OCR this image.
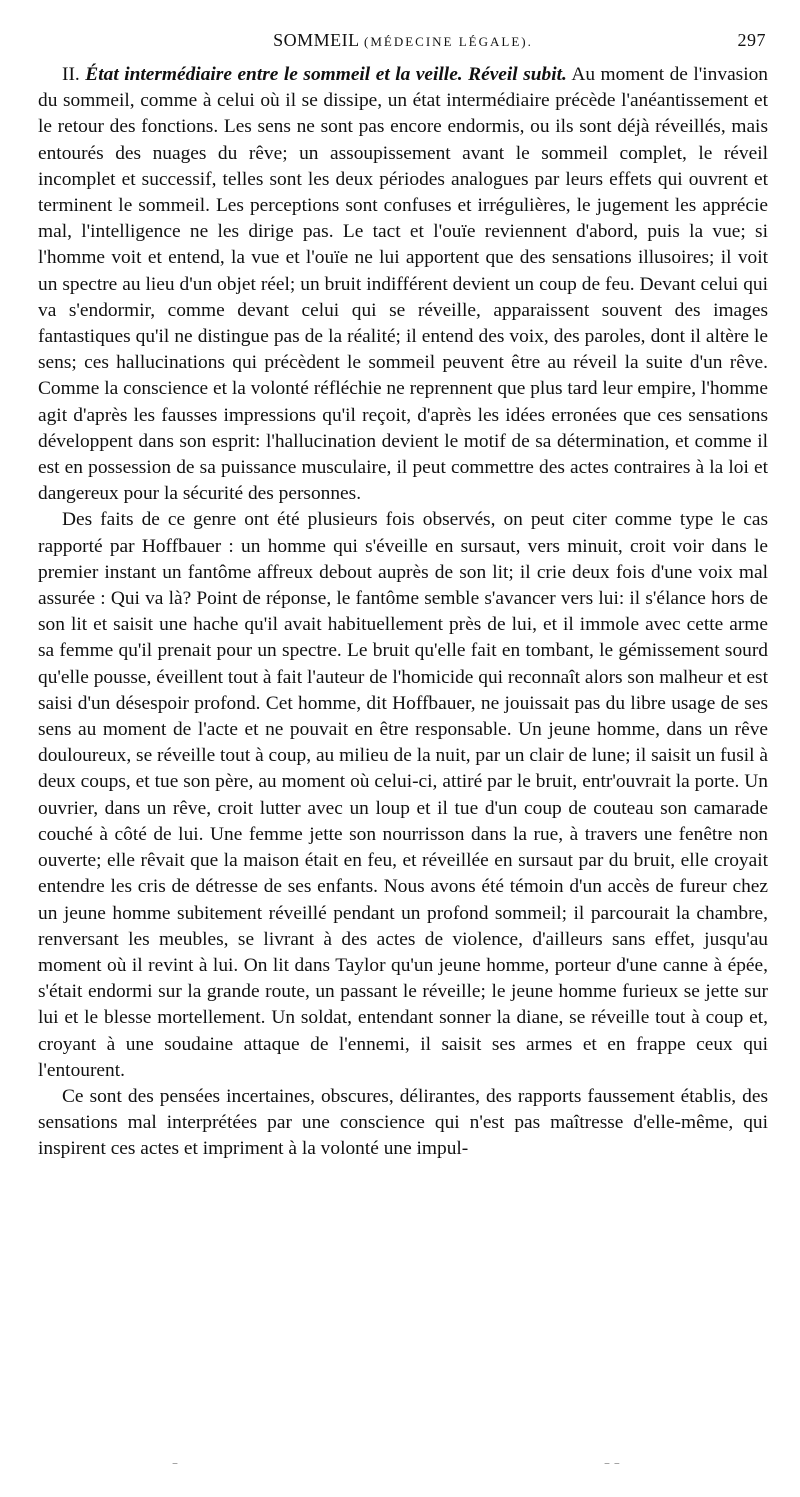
SOMMEIL (MÉDECINE LÉGALE).	297

II. État intermédiaire entre le sommeil et la veille. Réveil subit. Au moment de l'invasion du sommeil, comme à celui où il se dissipe, un état intermédiaire précède l'anéantissement et le retour des fonctions. Les sens ne sont pas encore endormis, ou ils sont déjà réveillés, mais entourés des nuages du rêve; un assoupissement avant le sommeil complet, le réveil incomplet et successif, telles sont les deux périodes analogues par leurs effets qui ouvrent et terminent le sommeil. Les perceptions sont confuses et irrégulières, le jugement les apprécie mal, l'intelligence ne les dirige pas. Le tact et l'ouïe reviennent d'abord, puis la vue; si l'homme voit et entend, la vue et l'ouïe ne lui apportent que des sensations illusoires; il voit un spectre au lieu d'un objet réel; un bruit indifférent devient un coup de feu. Devant celui qui va s'endormir, comme devant celui qui se réveille, apparaissent souvent des images fantastiques qu'il ne distingue pas de la réalité; il entend des voix, des paroles, dont il altère le sens; ces hallucinations qui précèdent le sommeil peuvent être au réveil la suite d'un rêve. Comme la conscience et la volonté réfléchie ne reprennent que plus tard leur empire, l'homme agit d'après les fausses impressions qu'il reçoit, d'après les idées erronées que ces sensations développent dans son esprit: l'hallucination devient le motif de sa détermination, et comme il est en possession de sa puissance musculaire, il peut commettre des actes contraires à la loi et dangereux pour la sécurité des personnes.

Des faits de ce genre ont été plusieurs fois observés, on peut citer comme type le cas rapporté par Hoffbauer : un homme qui s'éveille en sursaut, vers minuit, croit voir dans le premier instant un fantôme affreux debout auprès de son lit; il crie deux fois d'une voix mal assurée : Qui va là? Point de réponse, le fantôme semble s'avancer vers lui: il s'élance hors de son lit et saisit une hache qu'il avait habituellement près de lui, et il immole avec cette arme sa femme qu'il prenait pour un spectre. Le bruit qu'elle fait en tombant, le gémissement sourd qu'elle pousse, éveillent tout à fait l'auteur de l'homicide qui reconnaît alors son malheur et est saisi d'un désespoir profond. Cet homme, dit Hoffbauer, ne jouissait pas du libre usage de ses sens au moment de l'acte et ne pouvait en être responsable. Un jeune homme, dans un rêve douloureux, se réveille tout à coup, au milieu de la nuit, par un clair de lune; il saisit un fusil à deux coups, et tue son père, au moment où celui-ci, attiré par le bruit, entr'ouvrait la porte. Un ouvrier, dans un rêve, croit lutter avec un loup et il tue d'un coup de couteau son camarade couché à côté de lui. Une femme jette son nourrisson dans la rue, à travers une fenêtre non ouverte; elle rêvait que la maison était en feu, et réveillée en sursaut par du bruit, elle croyait entendre les cris de détresse de ses enfants. Nous avons été témoin d'un accès de fureur chez un jeune homme subitement réveillé pendant un profond sommeil; il parcourait la chambre, renversant les meubles, se livrant à des actes de violence, d'ailleurs sans effet, jusqu'au moment où il revint à lui. On lit dans Taylor qu'un jeune homme, porteur d'une canne à épée, s'était endormi sur la grande route, un passant le réveille; le jeune homme furieux se jette sur lui et le blesse mortellement. Un soldat, entendant sonner la diane, se réveille tout à coup et, croyant à une soudaine attaque de l'ennemi, il saisit ses armes et en frappe ceux qui l'entourent.

Ce sont des pensées incertaines, obscures, délirantes, des rapports faussement établis, des sensations mal interprétées par une conscience qui n'est pas maîtresse d'elle-même, qui inspirent ces actes et impriment à la volonté une impul-

–	– –
